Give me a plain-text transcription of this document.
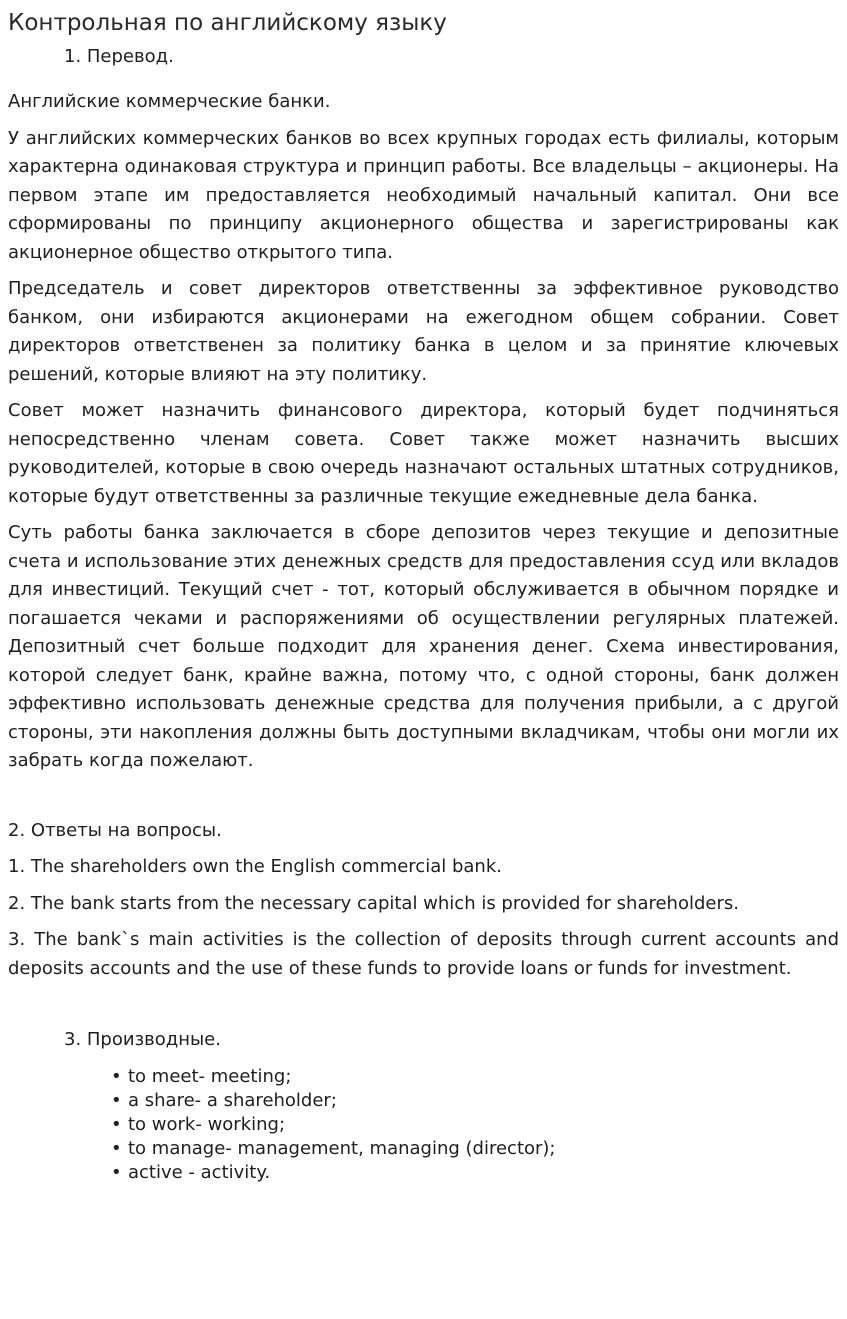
Контрольная по английскому языку
1. Перевод.
Английские коммерческие банки.
У английских коммерческих банков во всех крупных городах есть филиалы, которым характерна одинаковая структура и принцип работы. Все владельцы – акционеры. На первом этапе им предоставляется необходимый начальный капитал. Они все сформированы по принципу акционерного общества и зарегистрированы как акционерное общество открытого типа.
Председатель и совет директоров ответственны за эффективное руководство банком, они избираются акционерами на ежегодном общем собрании. Совет директоров ответственен за политику банка в целом и за принятие ключевых решений, которые влияют на эту политику.
Совет может назначить финансового директора, который будет подчиняться непосредственно членам совета. Совет также может назначить высших руководителей, которые в свою очередь назначают остальных штатных сотрудников, которые будут ответственны за различные текущие ежедневные дела банка.
Суть работы банка заключается в сборе депозитов через текущие и депозитные счета и использование этих денежных средств для предоставления ссуд или вкладов для инвестиций. Текущий счет - тот, который обслуживается в обычном порядке и погашается чеками и распоряжениями об осуществлении регулярных платежей. Депозитный счет больше подходит для хранения денег. Схема инвестирования, которой следует банк, крайне важна, потому что, с одной стороны, банк должен эффективно использовать денежные средства для получения прибыли, а с другой стороны, эти накопления должны быть доступными вкладчикам, чтобы они могли их забрать когда пожелают.
2. Ответы на вопросы.
1. The shareholders own the English commercial bank.
2. The bank starts from the necessary capital which is provided for shareholders.
3. The bank`s main activities is the collection of deposits through current accounts and deposits accounts and the use of these funds to provide loans or funds for investment.
3. Производные.
• to meet- meeting;
• a share- a shareholder;
• to work- working;
• to manage- management, managing (director);
• active - activity.
